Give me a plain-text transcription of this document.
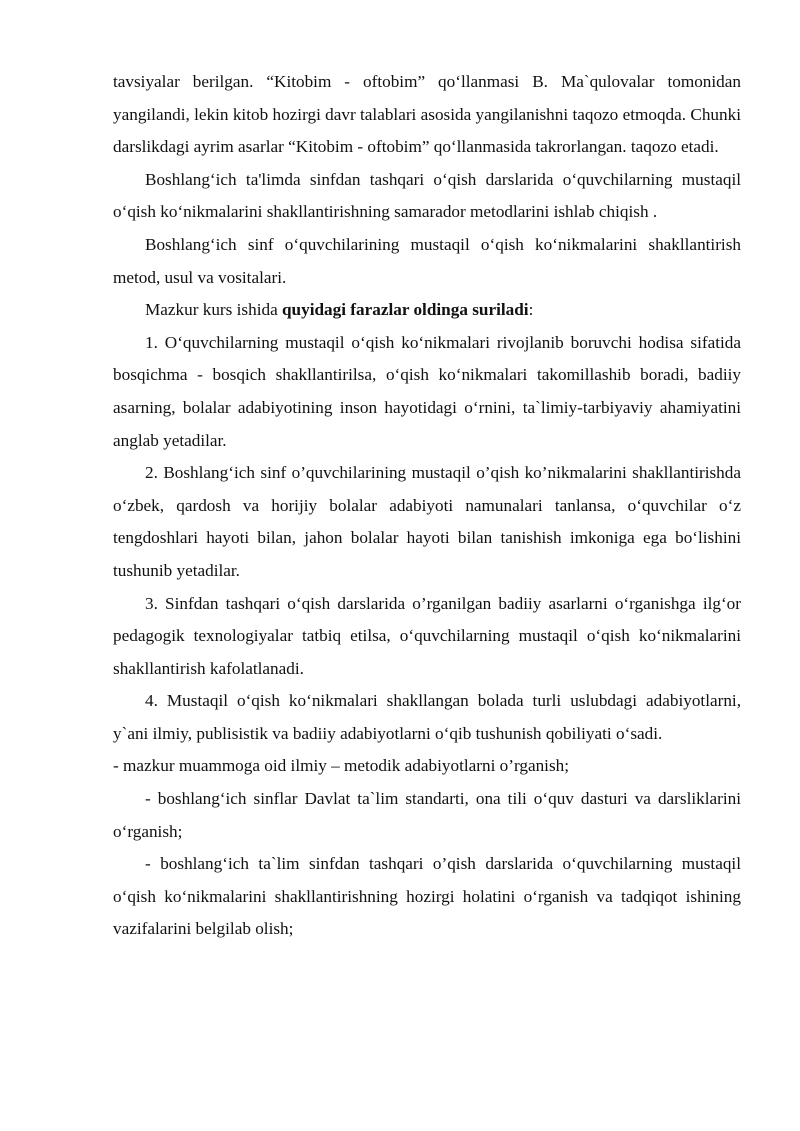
tavsiyalar berilgan. “Kitobim - oftobim” qo‘llanmasi B. Ma`qulovalar tomonidan yangilandi, lekin kitob hozirgi davr talablari asosida yangilanishni taqozo etmoqda. Chunki darslikdagi ayrim asarlar “Kitobim - oftobim” qo‘llanmasida takrorlangan. taqozo etadi.

Boshlang‘ich ta'limda sinfdan tashqari o‘qish darslarida o‘quvchilarning mustaqil o‘qish ko‘nikmalarini shakllantirishning samarador metodlarini ishlab chiqish .

Boshlang‘ich sinf o‘quvchilarining mustaqil o‘qish ko‘nikmalarini shakllantirish metod, usul va vositalari.

Mazkur kurs ishida quyidagi farazlar oldinga suriladi:

1. O‘quvchilarning mustaqil o‘qish ko‘nikmalari rivojlanib boruvchi hodisa sifatida bosqichma - bosqich shakllantirilsa, o‘qish ko‘nikmalari takomillashib boradi, badiiy asarning, bolalar adabiyotining inson hayotidagi o‘rnini, ta`limiy-tarbiyaviy ahamiyatini anglab yetadilar.

2. Boshlang‘ich sinf o’quvchilarining mustaqil o’qish ko’nikmalarini shakllantirishda o‘zbek, qardosh va horijiy bolalar adabiyoti namunalari tanlansa, o‘quvchilar o‘z tengdoshlari hayoti bilan, jahon bolalar hayoti bilan tanishish imkoniga ega bo‘lishini tushunib yetadilar.

3. Sinfdan tashqari o‘qish darslarida o’rganilgan badiiy asarlarni o‘rganishga ilg‘or pedagogik texnologiyalar tatbiq etilsa, o‘quvchilarning mustaqil o‘qish ko‘nikmalarini shakllantirish kafolatlanadi.

4. Mustaqil o‘qish ko‘nikmalari shakllangan bolada turli uslubdagi adabiyotlarni, y`ani ilmiy, publisistik va badiiy adabiyotlarni o‘qib tushunish qobiliyati o‘sadi.

- mazkur muammoga oid ilmiy – metodik adabiyotlarni o’rganish;

- boshlang‘ich sinflar Davlat ta`lim standarti, ona tili o‘quv dasturi va darsliklarini o‘rganish;

- boshlang‘ich ta`lim sinfdan tashqari o’qish darslarida o‘quvchilarning mustaqil o‘qish ko‘nikmalarini shakllantirishning hozirgi holatini o‘rganish va tadqiqot ishining vazifalarini belgilab olish;
